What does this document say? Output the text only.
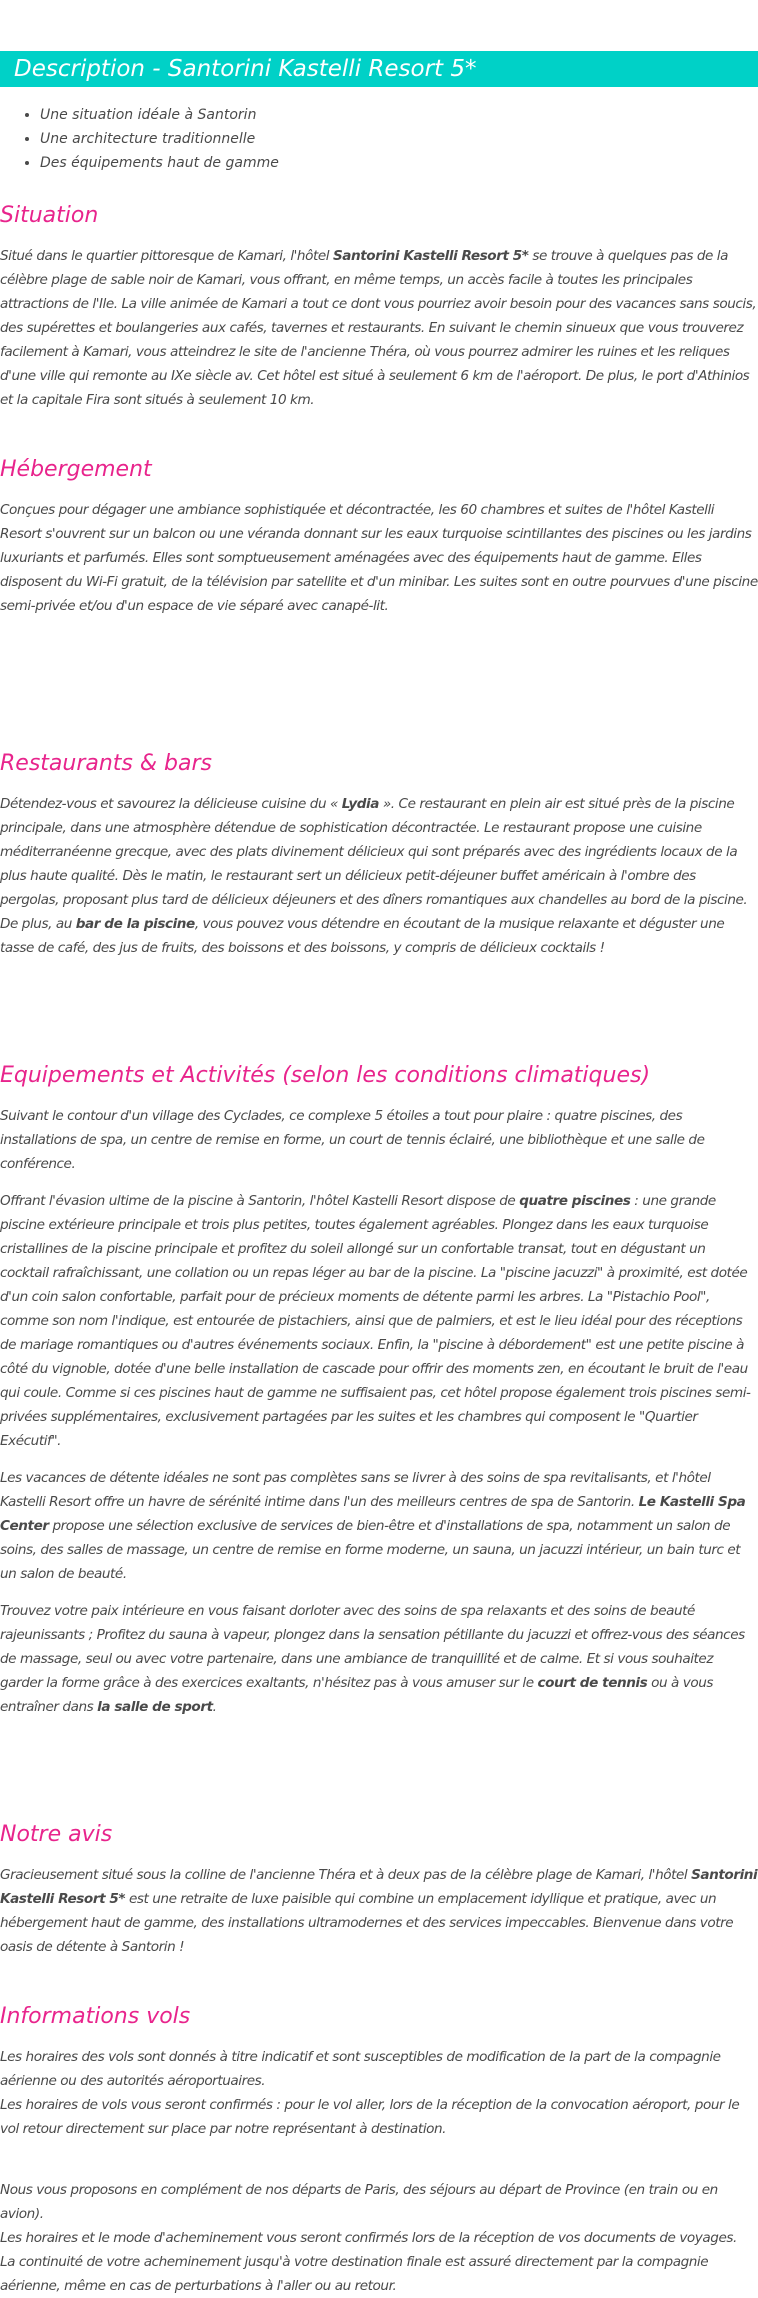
Description - Santorini Kastelli Resort 5*
• Une situation idéale à Santorin
• Une architecture traditionnelle
• Des équipements haut de gamme
Situation

Situé dans le quartier pittoresque de Kamari, l'hôtel Santorini Kastelli Resort 5* se trouve à quelques pas de la célèbre plage de sable noir de Kamari, vous offrant, en même temps, un accès facile à toutes les principales attractions de l'Ile. La ville animée de Kamari a tout ce dont vous pourriez avoir besoin pour des vacances sans soucis, des supérettes et boulangeries aux cafés, tavernes et restaurants. En suivant le chemin sinueux que vous trouverez facilement à Kamari, vous atteindrez le site de l'ancienne Théra, où vous pourrez admirer les ruines et les reliques d'une ville qui remonte au IXe siècle av. Cet hôtel est situé à seulement 6 km de l'aéroport. De plus, le port d'Athinios et la capitale Fira sont situés à seulement 10 km.

Hébergement

Conçues pour dégager une ambiance sophistiquée et décontractée, les 60 chambres et suites de l'hôtel Kastelli Resort s'ouvrent sur un balcon ou une véranda donnant sur les eaux turquoise scintillantes des piscines ou les jardins luxuriants et parfumés. Elles sont somptueusement aménagées avec des équipements haut de gamme. Elles disposent du Wi-Fi gratuit, de la télévision par satellite et d'un minibar. Les suites sont en outre pourvues d'une piscine semi-privée et/ou d'un espace de vie séparé avec canapé-lit.

Restaurants & bars

Détendez-vous et savourez la délicieuse cuisine du « Lydia ». Ce restaurant en plein air est situé près de la piscine principale, dans une atmosphère détendue de sophistication décontractée. Le restaurant propose une cuisine méditerranéenne grecque, avec des plats divinement délicieux qui sont préparés avec des ingrédients locaux de la plus haute qualité. Dès le matin, le restaurant sert un délicieux petit-déjeuner buffet américain à l'ombre des pergolas, proposant plus tard de délicieux déjeuners et des dîners romantiques aux chandelles au bord de la piscine. De plus, au bar de la piscine, vous pouvez vous détendre en écoutant de la musique relaxante et déguster une tasse de café, des jus de fruits, des boissons et des boissons, y compris de délicieux cocktails !

Equipements et Activités (selon les conditions climatiques)

Suivant le contour d'un village des Cyclades, ce complexe 5 étoiles a tout pour plaire : quatre piscines, des installations de spa, un centre de remise en forme, un court de tennis éclairé, une bibliothèque et une salle de conférence.

Offrant l'évasion ultime de la piscine à Santorin, l'hôtel Kastelli Resort dispose de quatre piscines : une grande piscine extérieure principale et trois plus petites, toutes également agréables. Plongez dans les eaux turquoise cristallines de la piscine principale et profitez du soleil allongé sur un confortable transat, tout en dégustant un cocktail rafraîchissant, une collation ou un repas léger au bar de la piscine. La "piscine jacuzzi" à proximité, est dotée d'un coin salon confortable, parfait pour de précieux moments de détente parmi les arbres. La "Pistachio Pool", comme son nom l'indique, est entourée de pistachiers, ainsi que de palmiers, et est le lieu idéal pour des réceptions de mariage romantiques ou d'autres événements sociaux. Enfin, la "piscine à débordement" est une petite piscine à côté du vignoble, dotée d'une belle installation de cascade pour offrir des moments zen, en écoutant le bruit de l'eau qui coule. Comme si ces piscines haut de gamme ne suffisaient pas, cet hôtel propose également trois piscines semi-privées supplémentaires, exclusivement partagées par les suites et les chambres qui composent le "Quartier Exécutif".

Les vacances de détente idéales ne sont pas complètes sans se livrer à des soins de spa revitalisants, et l'hôtel Kastelli Resort offre un havre de sérénité intime dans l'un des meilleurs centres de spa de Santorin. Le Kastelli Spa Center propose une sélection exclusive de services de bien-être et d'installations de spa, notamment un salon de soins, des salles de massage, un centre de remise en forme moderne, un sauna, un jacuzzi intérieur, un bain turc et un salon de beauté.

Trouvez votre paix intérieure en vous faisant dorloter avec des soins de spa relaxants et des soins de beauté rajeunissants ; Profitez du sauna à vapeur, plongez dans la sensation pétillante du jacuzzi et offrez-vous des séances de massage, seul ou avec votre partenaire, dans une ambiance de tranquillité et de calme. Et si vous souhaitez garder la forme grâce à des exercices exaltants, n'hésitez pas à vous amuser sur le court de tennis ou à vous entraîner dans la salle de sport.

Notre avis

Gracieusement situé sous la colline de l'ancienne Théra et à deux pas de la célèbre plage de Kamari, l'hôtel Santorini Kastelli Resort 5* est une retraite de luxe paisible qui combine un emplacement idyllique et pratique, avec un hébergement haut de gamme, des installations ultramodernes et des services impeccables. Bienvenue dans votre oasis de détente à Santorin !

Informations vols

Les horaires des vols sont donnés à titre indicatif et sont susceptibles de modification de la part de la compagnie aérienne ou des autorités aéroportuaires.
Les horaires de vols vous seront confirmés : pour le vol aller, lors de la réception de la convocation aéroport, pour le vol retour directement sur place par notre représentant à destination.

Nous vous proposons en complément de nos départs de Paris, des séjours au départ de Province (en train ou en avion).
Les horaires et le mode d'acheminement vous seront confirmés lors de la réception de vos documents de voyages.
La continuité de votre acheminement jusqu'à votre destination finale est assuré directement par la compagnie aérienne, même en cas de perturbations à l'aller ou au retour.
